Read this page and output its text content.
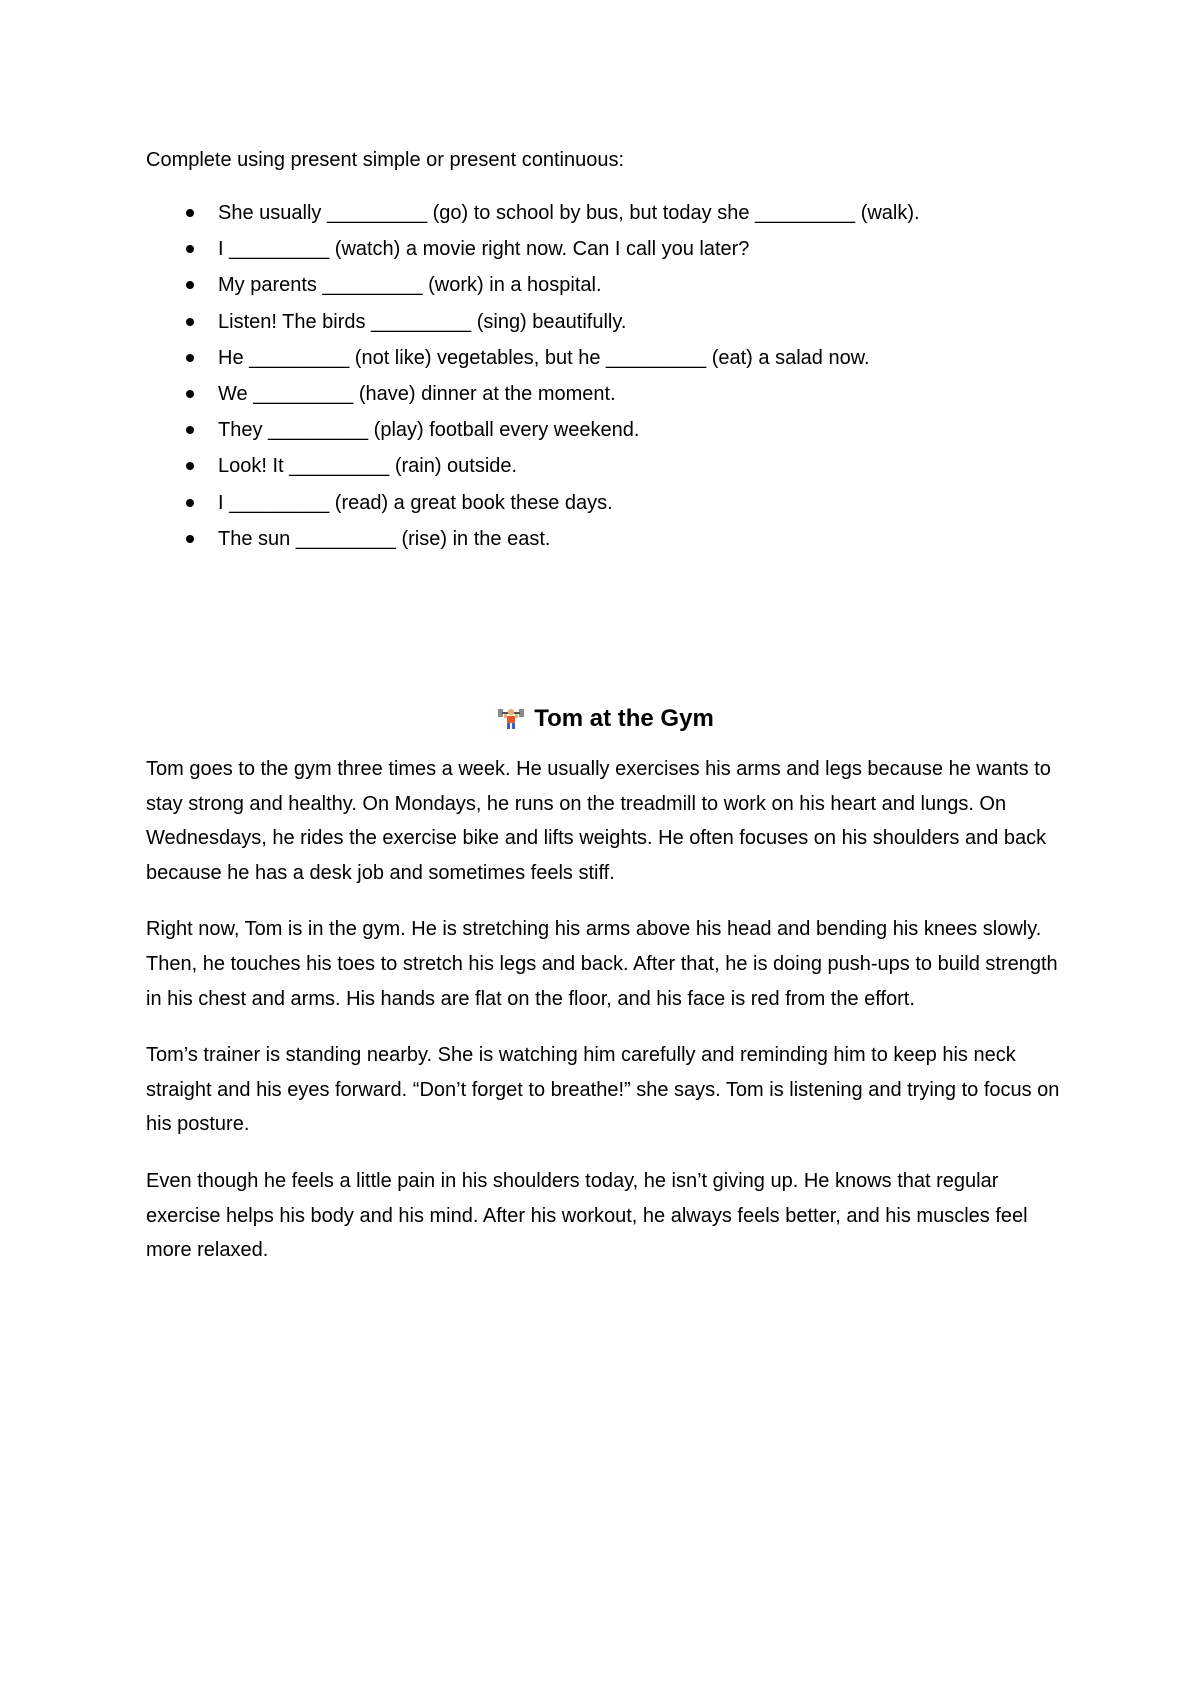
Complete using present simple or present continuous:

She usually _________ (go) to school by bus, but today she _________ (walk).
I _________ (watch) a movie right now. Can I call you later?
My parents _________ (work) in a hospital.
Listen! The birds _________ (sing) beautifully.
He _________ (not like) vegetables, but he _________ (eat) a salad now.
We _________ (have) dinner at the moment.
They _________ (play) football every weekend.
Look! It _________ (rain) outside.
I _________ (read) a great book these days.
The sun _________ (rise) in the east.
Tom at the Gym

Tom goes to the gym three times a week. He usually exercises his arms and legs because he wants to stay strong and healthy. On Mondays, he runs on the treadmill to work on his heart and lungs. On Wednesdays, he rides the exercise bike and lifts weights. He often focuses on his shoulders and back because he has a desk job and sometimes feels stiff.

Right now, Tom is in the gym. He is stretching his arms above his head and bending his knees slowly. Then, he touches his toes to stretch his legs and back. After that, he is doing push-ups to build strength in his chest and arms. His hands are flat on the floor, and his face is red from the effort.

Tom’s trainer is standing nearby. She is watching him carefully and reminding him to keep his neck straight and his eyes forward. “Don’t forget to breathe!” she says. Tom is listening and trying to focus on his posture.

Even though he feels a little pain in his shoulders today, he isn’t giving up. He knows that regular exercise helps his body and his mind. After his workout, he always feels better, and his muscles feel more relaxed.
